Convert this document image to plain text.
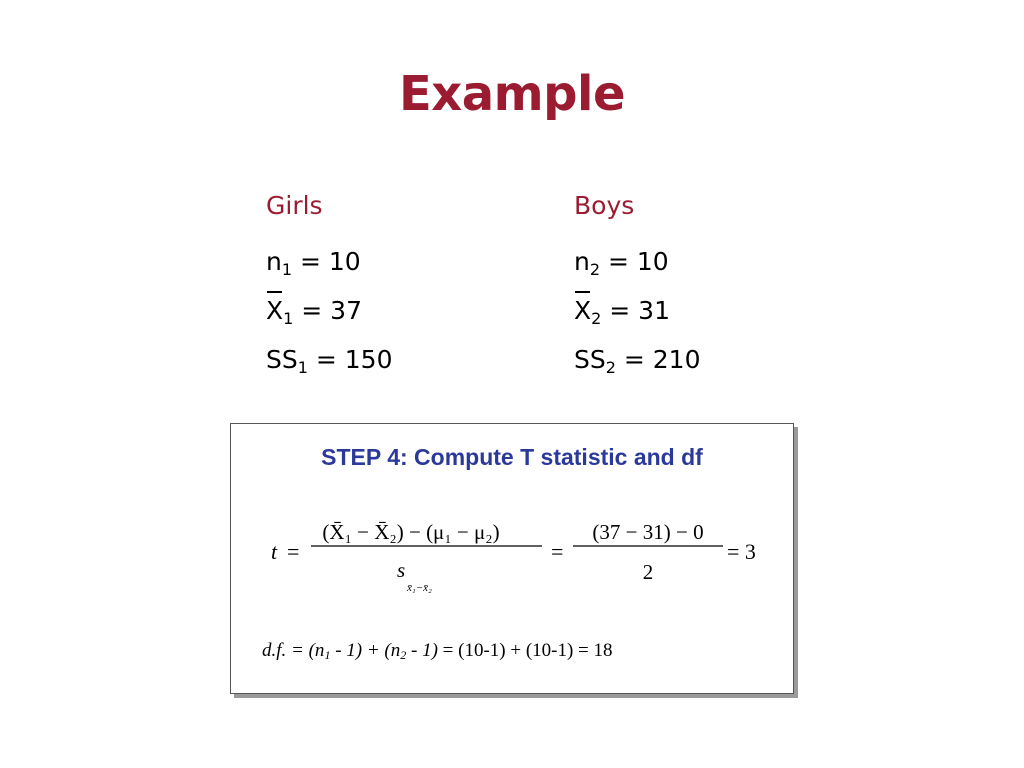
Example
Girls
$n_1 = 10$
$X_1 = 37$
$SS_1 = 150$
Boys
$n_2 = 10$
$X_2 = 31$
$SS_2 = 210$
STEP 4: Compute T statistic and df
t =
(X̄₁ − X̄₂) − (μ₁ − μ₂)
s
x̄₁−x̄₂
=
(37 − 31) − 0
2
= 3
d.f. = $(n_1 - 1) + (n_2 - 1) = (10-1) + (10-1) = 18$
